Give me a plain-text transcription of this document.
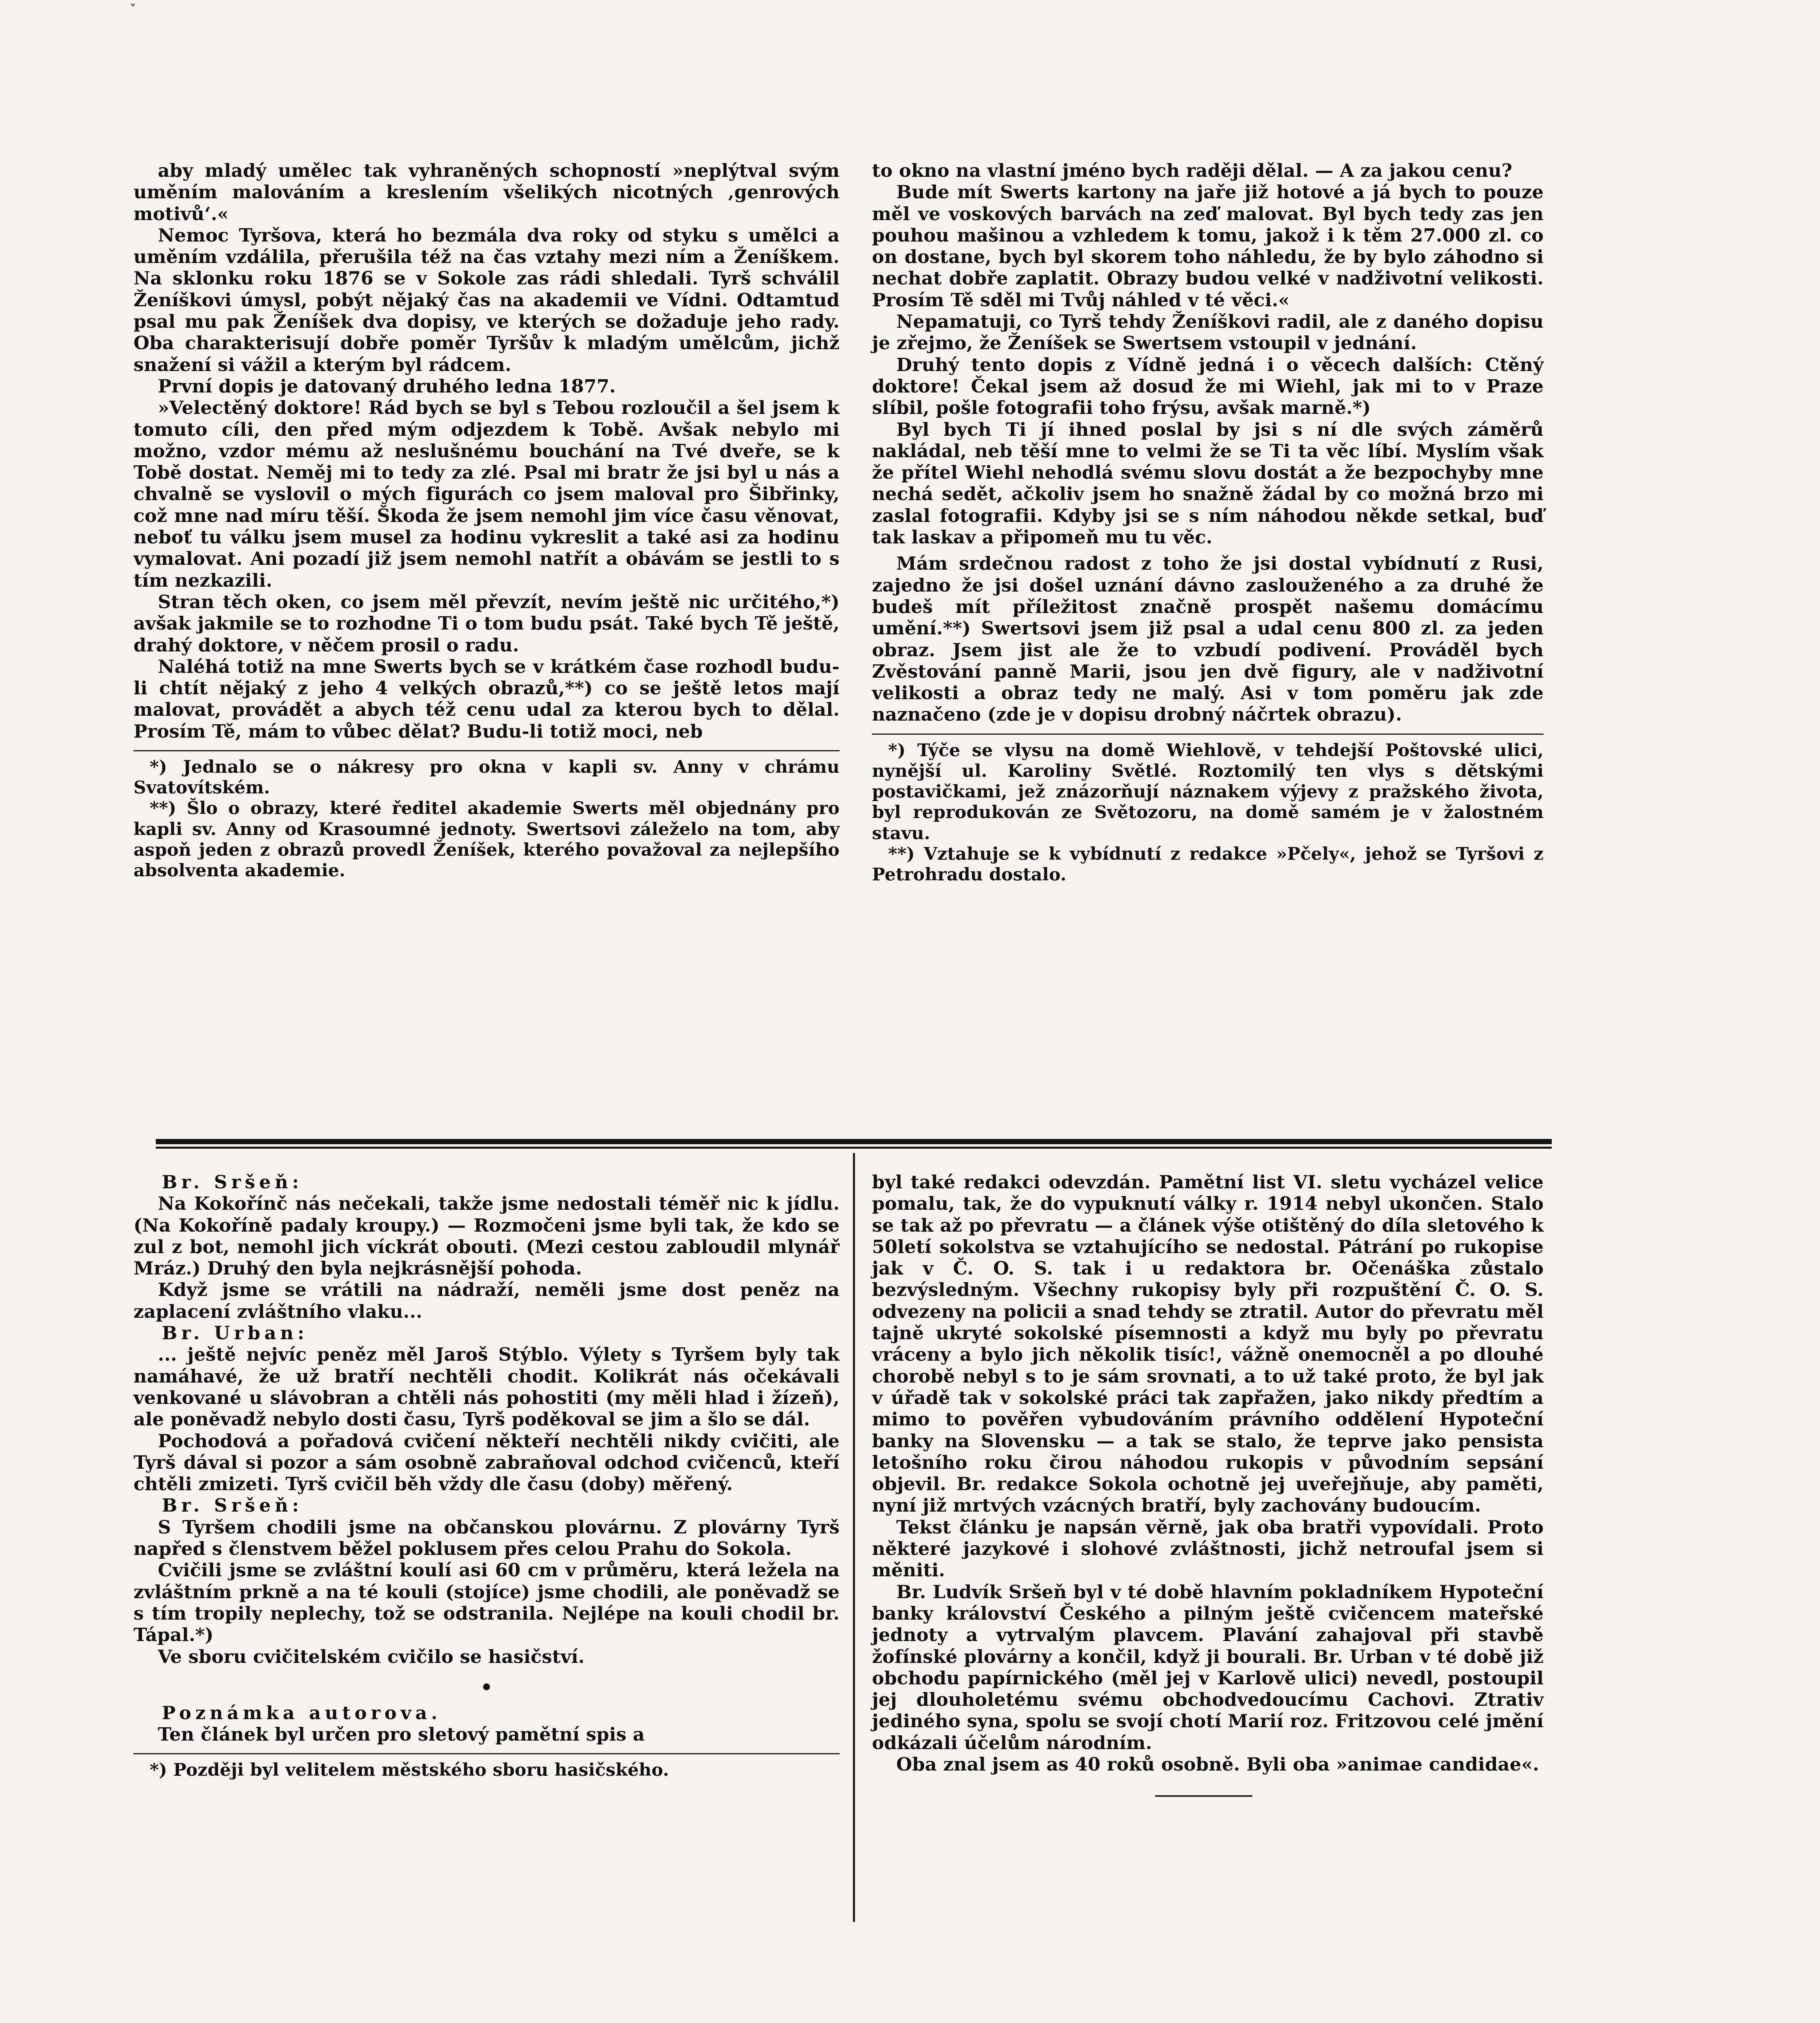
ˇ

aby mladý umělec tak vyhraněných schopností »neplýtval svým uměním malováním a kreslením všelikých nicotných ‚genrových motivů‘.«

Nemoc Tyršova, která ho bezmála dva roky od styku s umělci a uměním vzdálila, přerušila též na čas vztahy mezi ním a Ženíškem. Na sklonku roku 1876 se v Sokole zas rádi shledali. Tyrš schválil Ženíškovi úmysl, pobýt nějaký čas na akademii ve Vídni. Odtamtud psal mu pak Ženíšek dva dopisy, ve kterých se dožaduje jeho rady. Oba charakterisují dobře poměr Tyršův k mladým umělcům, jichž snažení si vážil a kterým byl rádcem.

První dopis je datovaný druhého ledna 1877.

»Velectěný doktore! Rád bych se byl s Tebou rozloučil a šel jsem k tomuto cíli, den před mým odjezdem k Tobě. Avšak nebylo mi možno, vzdor mému až neslušnému bouchání na Tvé dveře, se k Tobě dostat. Neměj mi to tedy za zlé. Psal mi bratr že jsi byl u nás a chvalně se vyslovil o mých figurách co jsem maloval pro Šibřinky, což mne nad míru těší. Škoda že jsem nemohl jim více času věnovat, neboť tu válku jsem musel za hodinu vykreslit a také asi za hodinu vymalovat. Ani pozadí již jsem nemohl natřít a obávám se jestli to s tím nezkazili.

Stran těch oken, co jsem měl převzít, nevím ještě nic určitého,*) avšak jakmile se to rozhodne Ti o tom budu psát. Také bych Tě ještě, drahý doktore, v něčem prosil o radu.

Naléhá totiž na mne Swerts bych se v krátkém čase rozhodl budu-li chtít nějaký z jeho 4 velkých obrazů,**) co se ještě letos mají malovat, provádět a abych též cenu udal za kterou bych to dělal. Prosím Tě, mám to vůbec dělat? Budu-li totiž moci, neb

*) Jednalo se o nákresy pro okna v kapli sv. Anny v chrámu Svatovítském.

**) Šlo o obrazy, které ředitel akademie Swerts měl objednány pro kapli sv. Anny od Krasoumné jednoty. Swertsovi záleželo na tom, aby aspoň jeden z obrazů provedl Ženíšek, kterého považoval za nejlepšího absolventa akademie.

to okno na vlastní jméno bych raději dělal. — A za jakou cenu?

Bude mít Swerts kartony na jaře již hotové a já bych to pouze měl ve voskových barvách na zeď malovat. Byl bych tedy zas jen pouhou mašinou a vzhledem k tomu, jakož i k těm 27.000 zl. co on dostane, bych byl skorem toho náhledu, že by bylo záhodno si nechat dobře zaplatit. Obrazy budou velké v nadživotní velikosti. Prosím Tě sděl mi Tvůj náhled v té věci.«

Nepamatuji, co Tyrš tehdy Ženíškovi radil, ale z daného dopisu je zřejmo, že Ženíšek se Swertsem vstoupil v jednání.

Druhý tento dopis z Vídně jedná i o věcech dalších: Ctěný doktore! Čekal jsem až dosud že mi Wiehl, jak mi to v Praze slíbil, pošle fotografii toho frýsu, avšak marně.*)

Byl bych Ti jí ihned poslal by jsi s ní dle svých záměrů nakládal, neb těší mne to velmi že se Ti ta věc líbí. Myslím však že přítel Wiehl nehodlá svému slovu dostát a že bezpochyby mne nechá sedět, ačkoliv jsem ho snažně žádal by co možná brzo mi zaslal fotografii. Kdyby jsi se s ním náhodou někde setkal, buď tak laskav a připomeň mu tu věc.

Mám srdečnou radost z toho že jsi dostal vybídnutí z Rusi, zajedno že jsi došel uznání dávno zaslouženého a za druhé že budeš mít příležitost značně prospět našemu domácímu umění.**) Swertsovi jsem již psal a udal cenu 800 zl. za jeden obraz. Jsem jist ale že to vzbudí podivení. Prováděl bych Zvěstování panně Marii, jsou jen dvě figury, ale v nadživotní velikosti a obraz tedy ne malý. Asi v tom poměru jak zde naznačeno (zde je v dopisu drobný náčrtek obrazu).

*) Týče se vlysu na domě Wiehlově, v tehdejší Poštovské ulici, nynější ul. Karoliny Světlé. Roztomilý ten vlys s dětskými postavičkami, jež znázorňují náznakem výjevy z pražského života, byl reprodukován ze Světozoru, na domě samém je v žalostném stavu.

**) Vztahuje se k vybídnutí z redakce »Pčely«, jehož se Tyršovi z Petrohradu dostalo.

Br. Sršeň:

Na Kokořínč nás nečekali, takže jsme nedostali téměř nic k jídlu. (Na Kokoříně padaly kroupy.) — Rozmočeni jsme byli tak, že kdo se zul z bot, nemohl jich víckrát obouti. (Mezi cestou zabloudil mlynář Mráz.) Druhý den byla nejkrásnější pohoda.

Když jsme se vrátili na nádraží, neměli jsme dost peněz na zaplacení zvláštního vlaku...

Br. Urban:

... ještě nejvíc peněz měl Jaroš Stýblo. Výlety s Tyršem byly tak namáhavé, že už bratří nechtěli chodit. Kolikrát nás očekávali venkované u slávobran a chtěli nás pohostiti (my měli hlad i žízeň), ale poněvadž nebylo dosti času, Tyrš poděkoval se jim a šlo se dál.

Pochodová a pořadová cvičení někteří nechtěli nikdy cvičiti, ale Tyrš dával si pozor a sám osobně zabraňoval odchod cvičenců, kteří chtěli zmizeti. Tyrš cvičil běh vždy dle času (doby) měřený.

Br. Sršeň:

S Tyršem chodili jsme na občanskou plovárnu. Z plovárny Tyrš napřed s členstvem běžel poklusem přes celou Prahu do Sokola.

Cvičili jsme se zvláštní koulí asi 60 cm v průměru, která ležela na zvláštním prkně a na té kouli (stojíce) jsme chodili, ale poněvadž se s tím tropily neplechy, tož se odstranila. Nejlépe na kouli chodil br. Tápal.*)

Ve sboru cvičitelském cvičilo se hasičství.

•

Poznámka autorova.

Ten článek byl určen pro sletový pamětní spis a

*) Později byl velitelem městského sboru hasičského.

byl také redakci odevzdán. Pamětní list VI. sletu vycházel velice pomalu, tak, že do vypuknutí války r. 1914 nebyl ukončen. Stalo se tak až po převratu — a článek výše otištěný do díla sletového k 50letí sokolstva se vztahujícího se nedostal. Pátrání po rukopise jak v Č. O. S. tak i u redaktora br. Očenáška zůstalo bezvýsledným. Všechny rukopisy byly při rozpuštění Č. O. S. odvezeny na policii a snad tehdy se ztratil. Autor do převratu měl tajně ukryté sokolské písemnosti a když mu byly po převratu vráceny a bylo jich několik tisíc!, vážně onemocněl a po dlouhé chorobě nebyl s to je sám srovnati, a to už také proto, že byl jak v úřadě tak v sokolské práci tak zapřažen, jako nikdy předtím a mimo to pověřen vybudováním právního oddělení Hypoteční banky na Slovensku — a tak se stalo, že teprve jako pensista letošního roku čirou náhodou rukopis v původním sepsání objevil. Br. redakce Sokola ochotně jej uveřejňuje, aby paměti, nyní již mrtvých vzácných bratří, byly zachovány budoucím.

Tekst článku je napsán věrně, jak oba bratři vypovídali. Proto některé jazykové i slohové zvláštnosti, jichž netroufal jsem si měniti.

Br. Ludvík Sršeň byl v té době hlavním pokladníkem Hypoteční banky království Českého a pilným ještě cvičencem mateřské jednoty a vytrvalým plavcem. Plavání zahajoval při stavbě žofínské plovárny a končil, když ji bourali. Br. Urban v té době již obchodu papírnického (měl jej v Karlově ulici) nevedl, postoupil jej dlouholetému svému obchodvedoucímu Cachovi. Ztrativ jediného syna, spolu se svojí chotí Marií roz. Fritzovou celé jmění odkázali účelům národním.

Oba znal jsem as 40 roků osobně. Byli oba »animae candidae«.
